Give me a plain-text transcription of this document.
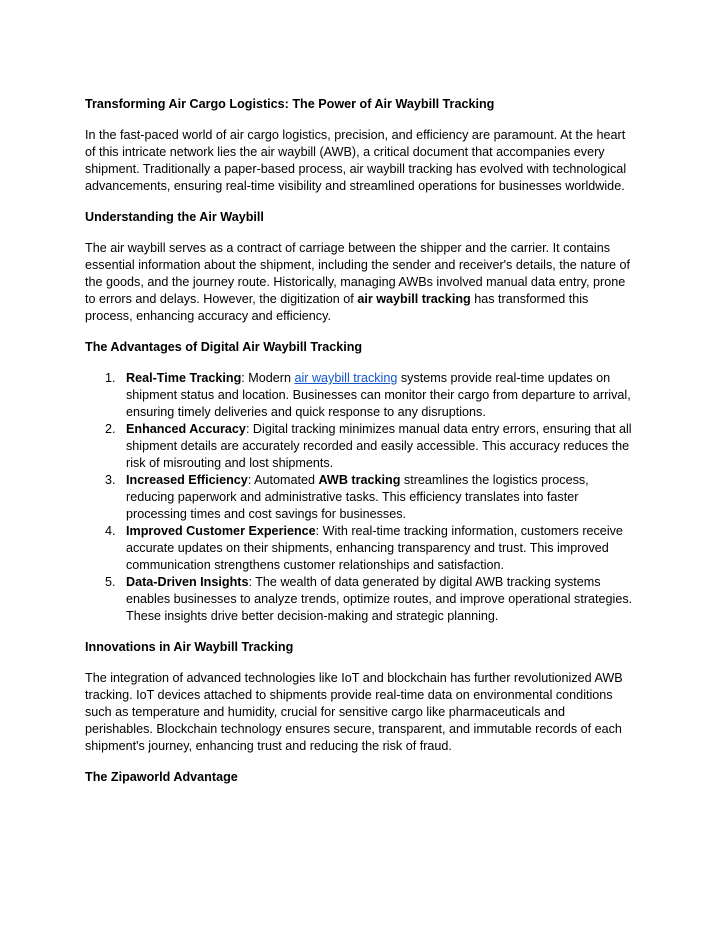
Transforming Air Cargo Logistics: The Power of Air Waybill Tracking

In the fast-paced world of air cargo logistics, precision, and efficiency are paramount. At the heart of this intricate network lies the air waybill (AWB), a critical document that accompanies every shipment. Traditionally a paper-based process, air waybill tracking has evolved with technological advancements, ensuring real-time visibility and streamlined operations for businesses worldwide.

Understanding the Air Waybill

The air waybill serves as a contract of carriage between the shipper and the carrier. It contains essential information about the shipment, including the sender and receiver's details, the nature of the goods, and the journey route. Historically, managing AWBs involved manual data entry, prone to errors and delays. However, the digitization of air waybill tracking has transformed this process, enhancing accuracy and efficiency.

The Advantages of Digital Air Waybill Tracking

1. Real-Time Tracking: Modern air waybill tracking systems provide real-time updates on shipment status and location. Businesses can monitor their cargo from departure to arrival, ensuring timely deliveries and quick response to any disruptions.
2. Enhanced Accuracy: Digital tracking minimizes manual data entry errors, ensuring that all shipment details are accurately recorded and easily accessible. This accuracy reduces the risk of misrouting and lost shipments.
3. Increased Efficiency: Automated AWB tracking streamlines the logistics process, reducing paperwork and administrative tasks. This efficiency translates into faster processing times and cost savings for businesses.
4. Improved Customer Experience: With real-time tracking information, customers receive accurate updates on their shipments, enhancing transparency and trust. This improved communication strengthens customer relationships and satisfaction.
5. Data-Driven Insights: The wealth of data generated by digital AWB tracking systems enables businesses to analyze trends, optimize routes, and improve operational strategies. These insights drive better decision-making and strategic planning.

Innovations in Air Waybill Tracking

The integration of advanced technologies like IoT and blockchain has further revolutionized AWB tracking. IoT devices attached to shipments provide real-time data on environmental conditions such as temperature and humidity, crucial for sensitive cargo like pharmaceuticals and perishables. Blockchain technology ensures secure, transparent, and immutable records of each shipment's journey, enhancing trust and reducing the risk of fraud.

The Zipaworld Advantage
